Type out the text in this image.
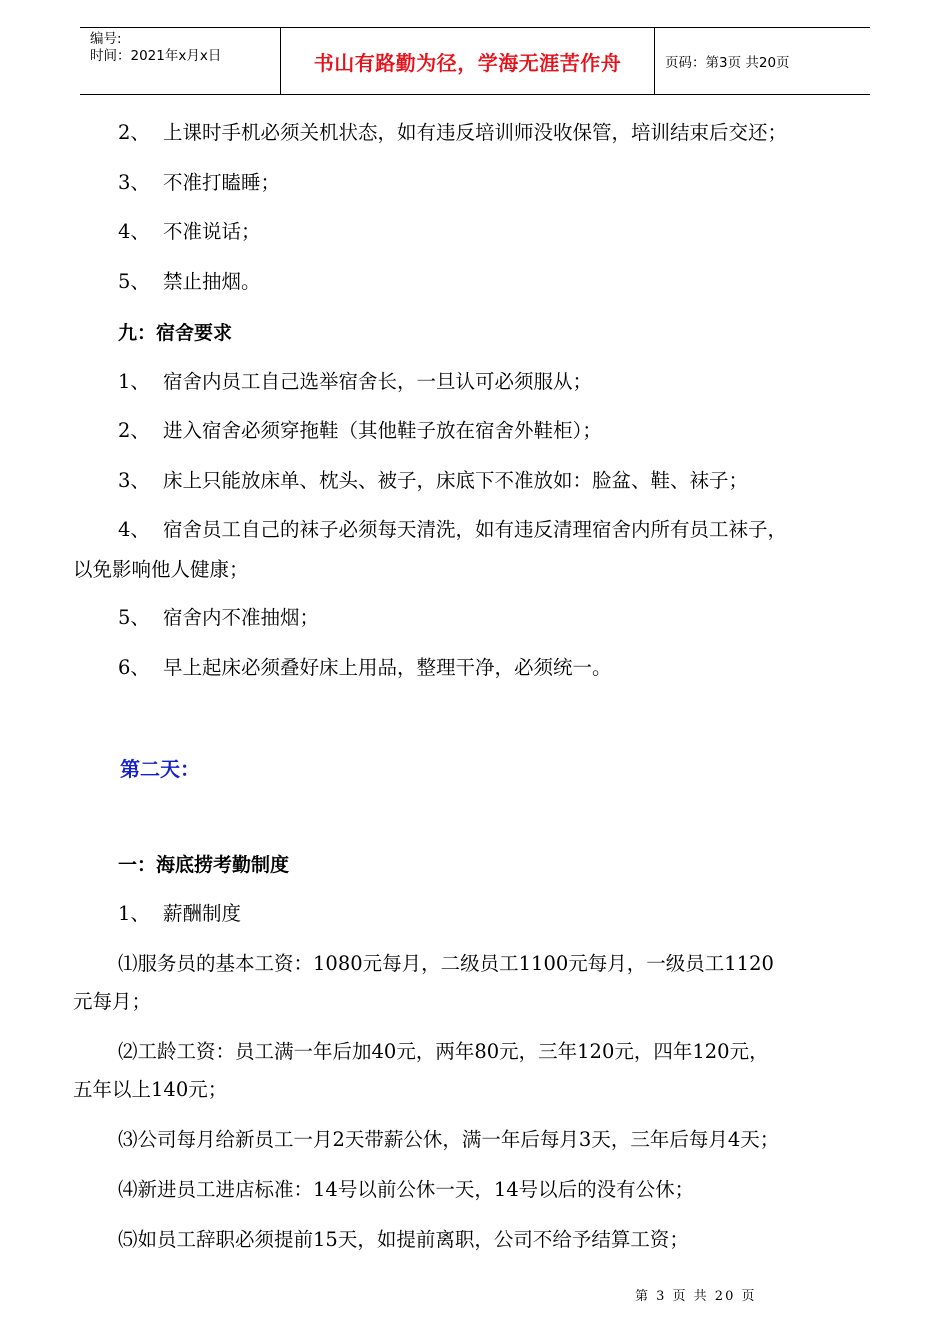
编号:
时间：2021年x月x日	书山有路勤为径，学海无涯苦作舟	页码：第3页 共20页
2、 上课时手机必须关机状态，如有违反培训师没收保管，培训结束后交还；
3、 不准打瞌睡；
4、 不准说话；
5、 禁止抽烟。
九：宿舍要求
1、 宿舍内员工自己选举宿舍长，一旦认可必须服从；
2、 进入宿舍必须穿拖鞋（其他鞋子放在宿舍外鞋柜）；
3、 床上只能放床单、枕头、被子，床底下不准放如：脸盆、鞋、袜子；
4、 宿舍员工自己的袜子必须每天清洗，如有违反清理宿舍内所有员工袜子，
以免影响他人健康；
5、 宿舍内不准抽烟；
6、 早上起床必须叠好床上用品，整理干净，必须统一。
第二天：
一：海底捞考勤制度
1、 薪酬制度
⑴服务员的基本工资：1080元每月，二级员工1100元每月，一级员工1120
元每月；
⑵工龄工资：员工满一年后加40元，两年80元，三年120元，四年120元，
五年以上140元；
⑶公司每月给新员工一月2天带薪公休，满一年后每月3天，三年后每月4天；
⑷新进员工进店标准：14号以前公休一天，14号以后的没有公休；
⑸如员工辞职必须提前15天，如提前离职，公司不给予结算工资；
第 3 页 共 20 页
